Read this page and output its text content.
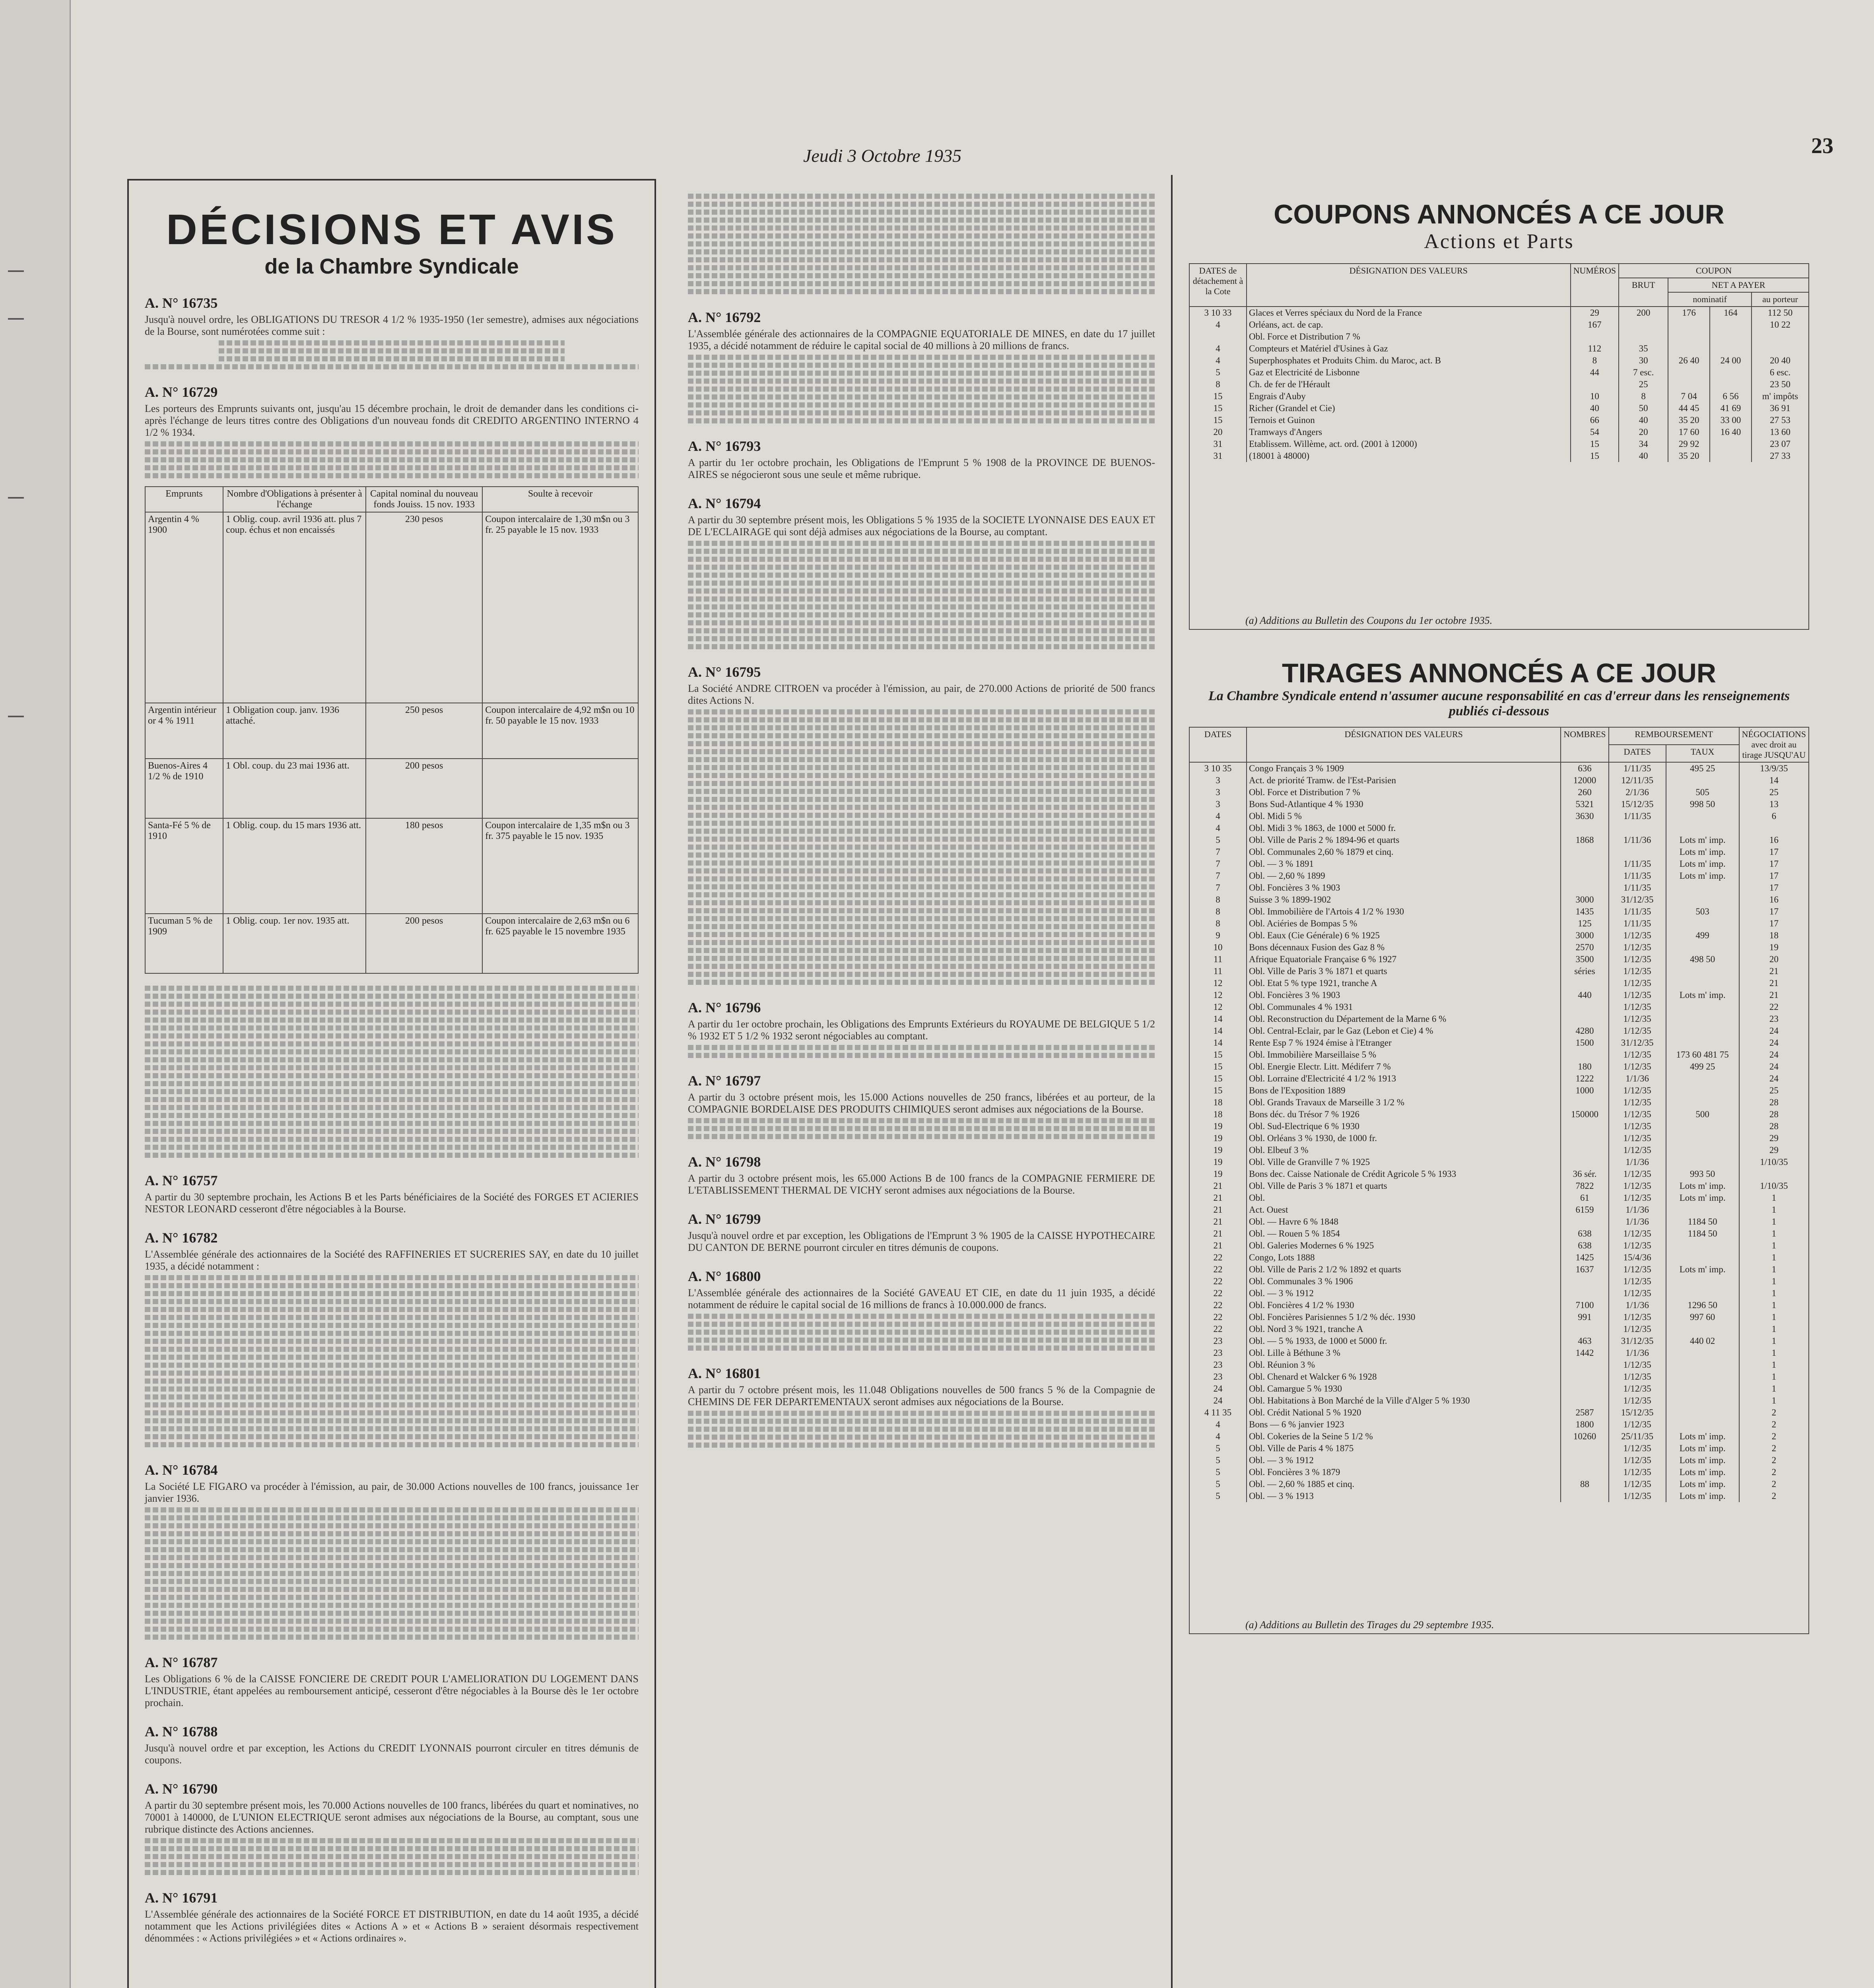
Jeudi 3 Octobre 1935	23
DÉCISIONS ET AVIS
de la Chambre Syndicale
A. N° 16735

Jusqu'à nouvel ordre, les OBLIGATIONS DU TRESOR 4 1/2 % 1935-1950 (1er semestre), admises aux négociations de la Bourse, sont numérotées comme suit :

A. N° 16729

Les porteurs des Emprunts suivants ont, jusqu'au 15 décembre prochain, le droit de demander dans les conditions ci-après l'échange de leurs titres contre des Obligations d'un nouveau fonds dit CREDITO ARGENTINO INTERNO 4 1/2 % 1934.

Emprunts	Nombre d'Obligations à présenter à l'échange	Capital nominal du nouveau fonds Jouiss. 15 nov. 1933	Soulte à recevoir
Argentin 4 % 1900	1 Oblig. coup. avril 1936 att. plus 7 coup. échus et non encaissés	230 pesos	Coupon intercalaire de 1,30 m$n ou 3 fr. 25 payable le 15 nov. 1933
Argentin intérieur or 4 % 1911	1 Obligation coup. janv. 1936 attaché.	250 pesos	Coupon intercalaire de 4,92 m$n ou 10 fr. 50 payable le 15 nov. 1933
Buenos-Aires 4 1/2 % de 1910	1 Obl. coup. du 23 mai 1936 att.	200 pesos	
Santa-Fé 5 % de 1910	1 Oblig. coup. du 15 mars 1936 att.	180 pesos	Coupon intercalaire de 1,35 m$n ou 3 fr. 375 payable le 15 nov. 1935
Tucuman 5 % de 1909	1 Oblig. coup. 1er nov. 1935 att.	200 pesos	Coupon intercalaire de 2,63 m$n ou 6 fr. 625 payable le 15 novembre 1935
A. N° 16757

A partir du 30 septembre prochain, les Actions B et les Parts bénéficiaires de la Société des FORGES ET ACIERIES NESTOR LEONARD cesseront d'être négociables à la Bourse.

A. N° 16782

L'Assemblée générale des actionnaires de la Société des RAFFINERIES ET SUCRERIES SAY, en date du 10 juillet 1935, a décidé notamment :

A. N° 16784

La Société LE FIGARO va procéder à l'émission, au pair, de 30.000 Actions nouvelles de 100 francs, jouissance 1er janvier 1936.

A. N° 16787

Les Obligations 6 % de la CAISSE FONCIERE DE CREDIT POUR L'AMELIORATION DU LOGEMENT DANS L'INDUSTRIE, étant appelées au remboursement anticipé, cesseront d'être négociables à la Bourse dès le 1er octobre prochain.

A. N° 16788

Jusqu'à nouvel ordre et par exception, les Actions du CREDIT LYONNAIS pourront circuler en titres démunis de coupons.

A. N° 16790

A partir du 30 septembre présent mois, les 70.000 Actions nouvelles de 100 francs, libérées du quart et nominatives, no 70001 à 140000, de L'UNION ELECTRIQUE seront admises aux négociations de la Bourse, au comptant, sous une rubrique distincte des Actions anciennes.

A. N° 16791

L'Assemblée générale des actionnaires de la Société FORCE ET DISTRIBUTION, en date du 14 août 1935, a décidé notamment que les Actions privilégiées dites « Actions A » et « Actions B » seraient désormais respectivement dénommées : « Actions privilégiées » et « Actions ordinaires ».

A. N° 16792

L'Assemblée générale des actionnaires de la COMPAGNIE EQUATORIALE DE MINES, en date du 17 juillet 1935, a décidé notamment de réduire le capital social de 40 millions à 20 millions de francs.

A. N° 16793

A partir du 1er octobre prochain, les Obligations de l'Emprunt 5 % 1908 de la PROVINCE DE BUENOS-AIRES se négocieront sous une seule et même rubrique.

A. N° 16794

A partir du 30 septembre présent mois, les Obligations 5 % 1935 de la SOCIETE LYONNAISE DES EAUX ET DE L'ECLAIRAGE qui sont déjà admises aux négociations de la Bourse, au comptant.

A. N° 16795

La Société ANDRE CITROEN va procéder à l'émission, au pair, de 270.000 Actions de priorité de 500 francs dites Actions N.

A. N° 16796

A partir du 1er octobre prochain, les Obligations des Emprunts Extérieurs du ROYAUME DE BELGIQUE 5 1/2 % 1932 ET 5 1/2 % 1932 seront négociables au comptant.

A. N° 16797

A partir du 3 octobre présent mois, les 15.000 Actions nouvelles de 250 francs, libérées et au porteur, de la COMPAGNIE BORDELAISE DES PRODUITS CHIMIQUES seront admises aux négociations de la Bourse.

A. N° 16798

A partir du 3 octobre présent mois, les 65.000 Actions B de 100 francs de la COMPAGNIE FERMIERE DE L'ETABLISSEMENT THERMAL DE VICHY seront admises aux négociations de la Bourse.

A. N° 16799

Jusqu'à nouvel ordre et par exception, les Obligations de l'Emprunt 3 % 1905 de la CAISSE HYPOTHECAIRE DU CANTON DE BERNE pourront circuler en titres démunis de coupons.

A. N° 16800

L'Assemblée générale des actionnaires de la Société GAVEAU ET CIE, en date du 11 juin 1935, a décidé notamment de réduire le capital social de 16 millions de francs à 10.000.000 de francs.

A. N° 16801

A partir du 7 octobre présent mois, les 11.048 Obligations nouvelles de 500 francs 5 % de la Compagnie de CHEMINS DE FER DEPARTEMENTAUX seront admises aux négociations de la Bourse.

COUPONS ANNONCÉS A CE JOUR
Actions et Parts
DATES de détachement à la Cote	DÉSIGNATION DES VALEURS	NUMÉROS	COUPON			
			BRUT	NET A PAYER		
				nominatif		au porteur
3 10 33	Glaces et Verres spéciaux du Nord de la France	29	200	176	164	112 50
4	Orléans, act. de cap.	167				10 22
	Obl. Force et Distribution 7 %					
4	Compteurs et Matériel d'Usines à Gaz	112	35			
4	Superphosphates et Produits Chim. du Maroc, act. B	8	30	26 40	24 00	20 40
5	Gaz et Electricité de Lisbonne	44	7 esc.			6 esc.
8	Ch. de fer de l'Hérault		25			23 50
15	Engrais d'Auby	10	8	7 04	6 56	m' impôts
15	Richer (Grandel et Cie)	40	50	44 45	41 69	36 91
15	Ternois et Guinon	66	40	35 20	33 00	27 53
20	Tramways d'Angers	54	20	17 60	16 40	13 60
31	Etablissem. Willème, act. ord. (2001 à 12000)	15	34	29 92		23 07
31	(18001 à 48000)	15	40	35 20		27 33
(a) Additions au Bulletin des Coupons du 1er octobre 1935.
TIRAGES ANNONCÉS A CE JOUR
La Chambre Syndicale entend n'assumer aucune responsabilité en cas d'erreur dans les renseignements publiés ci-dessous
DATES	DÉSIGNATION DES VALEURS	NOMBRES	REMBOURSEMENT		NÉGOCIATIONS avec droit au tirage JUSQU'AU
			DATES	TAUX	
3 10 35	Congo Français 3 % 1909	636	1/11/35	495 25	13/9/35
3	Act. de priorité Tramw. de l'Est-Parisien	12000	12/11/35		14
3	Obl. Force et Distribution 7 %	260	2/1/36	505	25
3	Bons Sud-Atlantique 4 % 1930	5321	15/12/35	998 50	13
4	Obl. Midi 5 %	3630	1/11/35		6
4	Obl. Midi 3 % 1863, de 1000 et 5000 fr.				
5	Obl. Ville de Paris 2 % 1894-96 et quarts	1868	1/11/36	Lots m' imp.	16
7	Obl. Communales 2,60 % 1879 et cinq.			Lots m' imp.	17
7	Obl. — 3 % 1891		1/11/35	Lots m' imp.	17
7	Obl. — 2,60 % 1899		1/11/35	Lots m' imp.	17
7	Obl. Foncières 3 % 1903		1/11/35		17
8	Suisse 3 % 1899-1902	3000	31/12/35		16
8	Obl. Immobilière de l'Artois 4 1/2 % 1930	1435	1/11/35	503	17
8	Obl. Aciéries de Bompas 5 %	125	1/11/35		17
9	Obl. Eaux (Cie Générale) 6 % 1925	3000	1/12/35	499	18
10	Bons décennaux Fusion des Gaz 8 %	2570	1/12/35		19
11	Afrique Equatoriale Française 6 % 1927	3500	1/12/35	498 50	20
11	Obl. Ville de Paris 3 % 1871 et quarts	séries	1/12/35		21
12	Obl. Etat 5 % type 1921, tranche A		1/12/35		21
12	Obl. Foncières 3 % 1903	440	1/12/35	Lots m' imp.	21
12	Obl. Communales 4 % 1931		1/12/35		22
14	Obl. Reconstruction du Département de la Marne 6 %		1/12/35		23
14	Obl. Central-Eclair, par le Gaz (Lebon et Cie) 4 %	4280	1/12/35		24
14	Rente Esp 7 % 1924 émise à l'Etranger	1500	31/12/35		24
15	Obl. Immobilière Marseillaise 5 %		1/12/35	173 60 481 75	24
15	Obl. Energie Electr. Litt. Médiferr 7 %	180	1/12/35	499 25	24
15	Obl. Lorraine d'Electricité 4 1/2 % 1913	1222	1/1/36		24
15	Bons de l'Exposition 1889	1000	1/12/35		25
18	Obl. Grands Travaux de Marseille 3 1/2 %		1/12/35		28
18	Bons déc. du Trésor 7 % 1926	150000	1/12/35	500	28
19	Obl. Sud-Electrique 6 % 1930		1/12/35		28
19	Obl. Orléans 3 % 1930, de 1000 fr.		1/12/35		29
19	Obl. Elbeuf 3 %		1/12/35		29
19	Obl. Ville de Granville 7 % 1925		1/1/36		1/10/35
19	Bons dec. Caisse Nationale de Crédit Agricole 5 % 1933	36 sér.	1/12/35	993 50	
21	Obl. Ville de Paris 3 % 1871 et quarts	7822	1/12/35	Lots m' imp.	1/10/35
21	Obl.	61	1/12/35	Lots m' imp.	1
21	Act. Ouest	6159	1/1/36		1
21	Obl. — Havre 6 % 1848		1/1/36	1184 50	1
21	Obl. — Rouen 5 % 1854	638	1/12/35	1184 50	1
21	Obl. Galeries Modernes 6 % 1925	638	1/12/35		1
22	Congo, Lots 1888	1425	15/4/36		1
22	Obl. Ville de Paris 2 1/2 % 1892 et quarts	1637	1/12/35	Lots m' imp.	1
22	Obl. Communales 3 % 1906		1/12/35		1
22	Obl. — 3 % 1912		1/12/35		1
22	Obl. Foncières 4 1/2 % 1930	7100	1/1/36	1296 50	1
22	Obl. Foncières Parisiennes 5 1/2 % déc. 1930	991	1/12/35	997 60	1
22	Obl. Nord 3 % 1921, tranche A		1/12/35		1
23	Obl. — 5 % 1933, de 1000 et 5000 fr.	463	31/12/35	440 02	1
23	Obl. Lille à Béthune 3 %	1442	1/1/36		1
23	Obl. Réunion 3 %		1/12/35		1
23	Obl. Chenard et Walcker 6 % 1928		1/12/35		1
24	Obl. Camargue 5 % 1930		1/12/35		1
24	Obl. Habitations à Bon Marché de la Ville d'Alger 5 % 1930		1/12/35		1
4 11 35	Obl. Crédit National 5 % 1920	2587	15/12/35		2
4	Bons — 6 % janvier 1923	1800	1/12/35		2
4	Obl. Cokeries de la Seine 5 1/2 %	10260	25/11/35	Lots m' imp.	2
5	Obl. Ville de Paris 4 % 1875		1/12/35	Lots m' imp.	2
5	Obl. — 3 % 1912		1/12/35	Lots m' imp.	2
5	Obl. Foncières 3 % 1879		1/12/35	Lots m' imp.	2
5	Obl. — 2,60 % 1885 et cinq.	88	1/12/35	Lots m' imp.	2
5	Obl. — 3 % 1913		1/12/35	Lots m' imp.	2
(a) Additions au Bulletin des Tirages du 29 septembre 1935.
